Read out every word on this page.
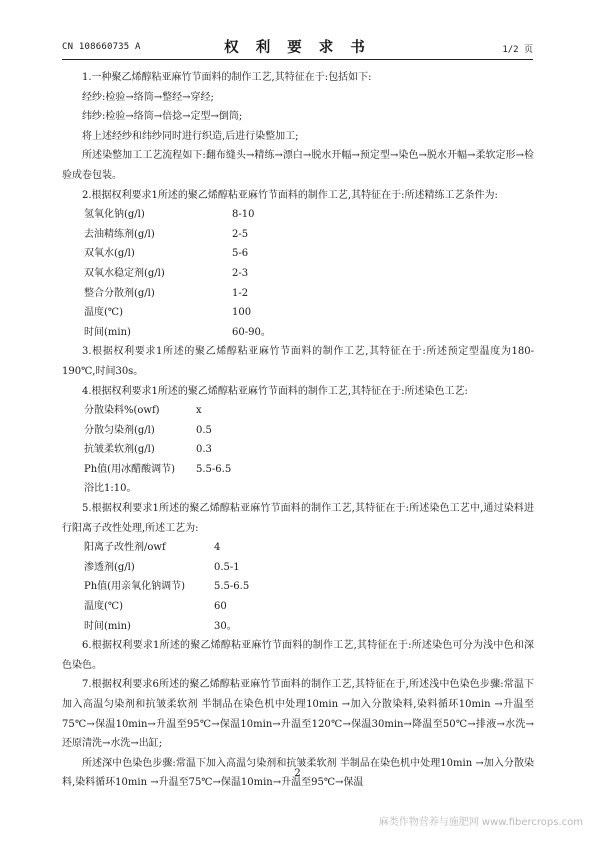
CN 108660735 A	权 利 要 求 书	1/2 页

1.一种聚乙烯醇粘亚麻竹节面料的制作工艺,其特征在于:包括如下:

经纱:检验→络筒→整经→穿经;

纬纱:检验→络筒→倍捻→定型→倒筒;

将上述经纱和纬纱同时进行织造,后进行染整加工;

所述染整加工工艺流程如下:翻布缝头→精练→漂白→脱水开幅→预定型→染色→脱水开幅→柔软定形→检验成卷包装。

2.根据权利要求1所述的聚乙烯醇粘亚麻竹节面料的制作工艺,其特征在于:所述精练工艺条件为:

氢氧化钠(g/l)	8-10
去油精练剂(g/l)	2-5
双氧水(g/l)	5-6
双氧水稳定剂(g/l)	2-3
整合分散剂(g/l)	1-2
温度(℃)	100
时间(min)	60-90。

3.根据权利要求1所述的聚乙烯醇粘亚麻竹节面料的制作工艺,其特征在于:所述预定型温度为180-190℃,时间30s。

4.根据权利要求1所述的聚乙烯醇粘亚麻竹节面料的制作工艺,其特征在于:所述染色工艺:

分散染料%(owf)	x
分散匀染剂(g/l)	0.5
抗皱柔软剂(g/l)	0.3
Ph值(用冰醋酸调节)	5.5-6.5

浴比1:10。

5.根据权利要求1所述的聚乙烯醇粘亚麻竹节面料的制作工艺,其特征在于:所述染色工艺中,通过染料进行阳离子改性处理,所述工艺为:

阳离子改性剂/owf	4
渗透剂(g/l)	0.5-1
Ph值(用亲氧化钠调节)	5.5-6.5
温度(℃)	60
时间(min)	30。

6.根据权利要求1所述的聚乙烯醇粘亚麻竹节面料的制作工艺,其特征在于:所述染色可分为浅中色和深色染色。

7.根据权利要求6所述的聚乙烯醇粘亚麻竹节面料的制作工艺,其特征在于,所述浅中色染色步骤:常温下加入高温匀染剂和抗皱柔软剂 半制品在染色机中处理10min →加入分散染料,染料循环10min →升温至75℃→保温10min→升温至95℃→保温10min→升温至120℃→保温30min→降温至50℃→排液→水洗→还原清洗→水洗→出缸;

所述深中色染色步骤:常温下加入高温匀染剂和抗皱柔软剂 半制品在染色机中处理10min →加入分散染料,染料循环10min →升温至75℃→保温10min→升温至95℃→保温

2
麻类作物营养与施肥网 www.fibercrops.com
